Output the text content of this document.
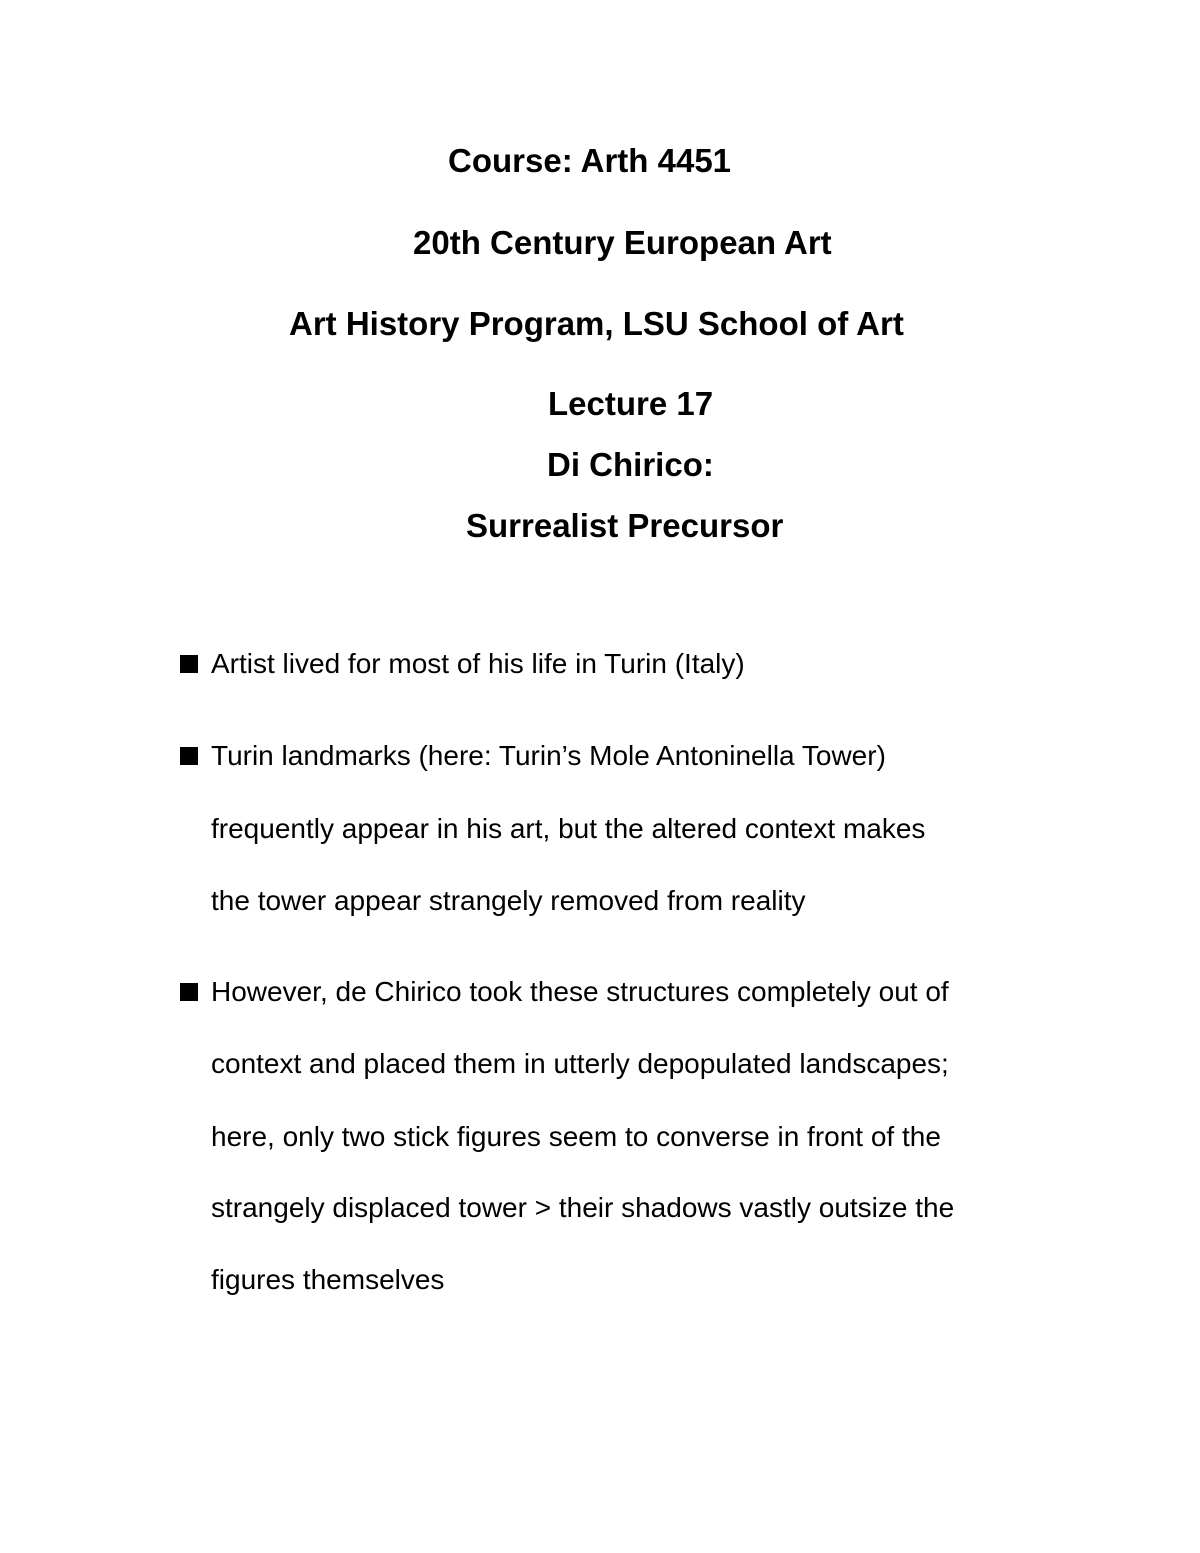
Course: Arth 4451
20th Century European Art
Art History Program, LSU School of Art
Lecture 17
Di Chirico:
Surrealist Precursor
Artist lived for most of his life in Turin (Italy)
Turin landmarks (here: Turin’s Mole Antoninella Tower)
frequently appear in his art, but the altered context makes
the tower appear strangely removed from reality
However, de Chirico took these structures completely out of
context and placed them in utterly depopulated landscapes;
here, only two stick figures seem to converse in front of the
strangely displaced tower > their shadows vastly outsize the
figures themselves
